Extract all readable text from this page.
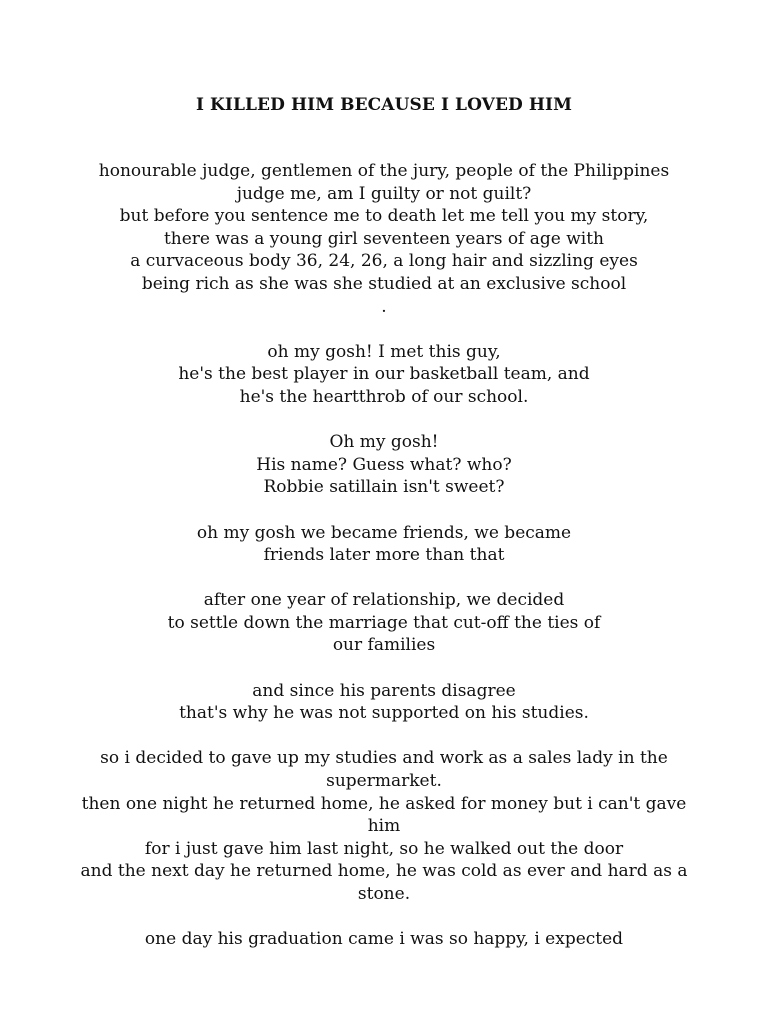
I KILLED HIM BECAUSE I LOVED HIM
honourable judge, gentlemen of the jury, people of the Philippines
judge me, am I guilty or not guilt?
but before you sentence me to death let me tell you my story,
there was a young girl seventeen years of age with
a curvaceous body 36, 24, 26, a long hair and sizzling eyes
being rich as she was she studied at an exclusive school
.
oh my gosh! I met this guy,
he's the best player in our basketball team, and
he's the heartthrob of our school.
Oh my gosh!
His name? Guess what? who?
Robbie satillain isn't sweet?
oh my gosh we became friends, we became
friends later more than that
after one year of relationship, we decided
to settle down the marriage that cut-off the ties of
our families
and since his parents disagree
that's why he was not supported on his studies.
so i decided to gave up my studies and work as a sales lady in the
supermarket.
then one night he returned home, he asked for money but i can't gave him
for i just gave him last night, so he walked out the door
and the next day he returned home, he was cold as ever and hard as a stone.
one day his graduation came i was so happy, i expected
